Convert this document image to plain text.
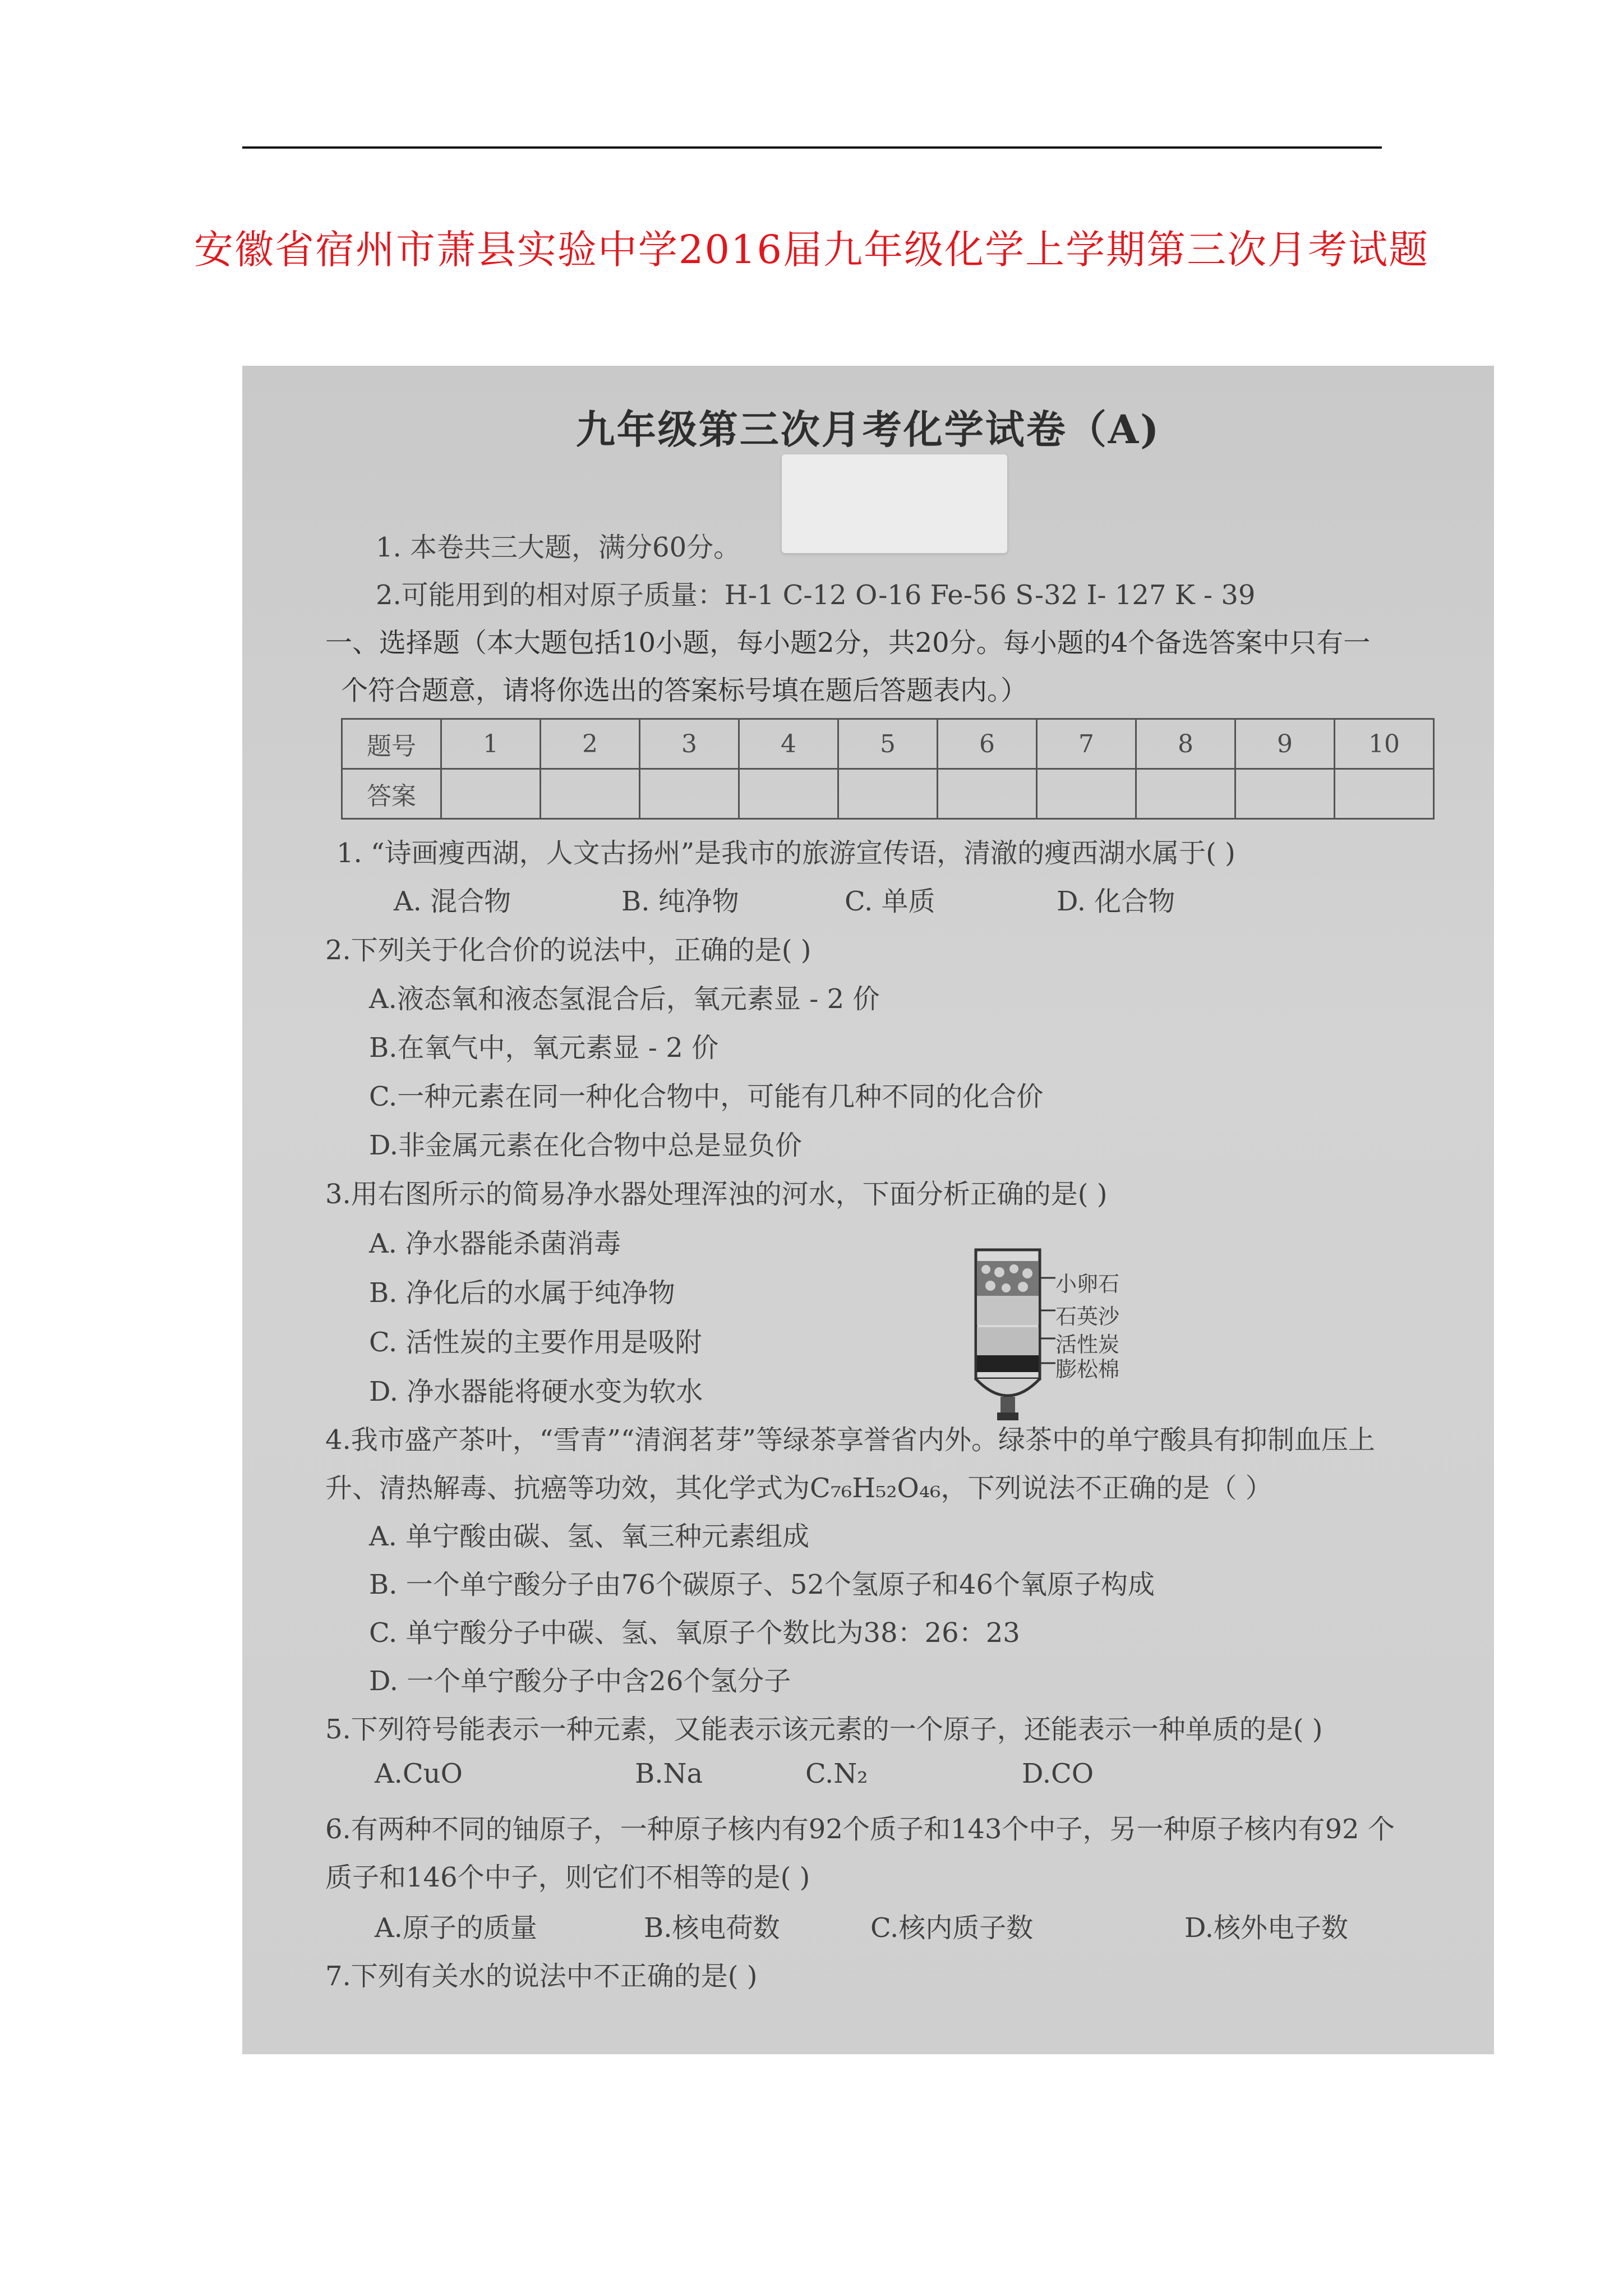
安徽省宿州市萧县实验中学2016届九年级化学上学期第三次月考试题
九年级第三次月考化学试卷（A)
1. 本卷共三大题，满分60分。
2.可能用到的相对原子质量：H-1 C-12 O-16 Fe-56 S-32 I- 127 K - 39
一、选择题（本大题包括10小题，每小题2分，共20分。每小题的4个备选答案中只有一
个符合题意，请将你选出的答案标号填在题后答题表内。）
题号	1	2	3	4	5	6	7	8	9	10
答案										
1. “诗画瘦西湖，人文古扬州”是我市的旅游宣传语，清澈的瘦西湖水属于( )
A. 混合物	B. 纯净物	C. 单质	D. 化合物
2.下列关于化合价的说法中，正确的是( )
A.液态氧和液态氢混合后，氧元素显 - 2 价
B.在氧气中，氧元素显 - 2 价
C.一种元素在同一种化合物中，可能有几种不同的化合价
D.非金属元素在化合物中总是显负价
3.用右图所示的简易净水器处理浑浊的河水，下面分析正确的是( )
A. 净水器能杀菌消毒
B. 净化后的水属于纯净物
C. 活性炭的主要作用是吸附
D. 净水器能将硬水变为软水
小卵石
石英沙
活性炭
膨松棉
4.我市盛产茶叶，“雪青”“清润茗芽”等绿茶享誉省内外。绿茶中的单宁酸具有抑制血压上
升、清热解毒、抗癌等功效，其化学式为C₇₆H₅₂O₄₆，下列说法不正确的是（ ）
A. 单宁酸由碳、氢、氧三种元素组成
B. 一个单宁酸分子由76个碳原子、52个氢原子和46个氧原子构成
C. 单宁酸分子中碳、氢、氧原子个数比为38：26：23
D. 一个单宁酸分子中含26个氢分子
5.下列符号能表示一种元素，又能表示该元素的一个原子，还能表示一种单质的是( )
A.CuO	B.Na	C.N₂	D.CO
6.有两种不同的铀原子，一种原子核内有92个质子和143个中子，另一种原子核内有92 个
质子和146个中子，则它们不相等的是( )
A.原子的质量	B.核电荷数	C.核内质子数	D.核外电子数
7.下列有关水的说法中不正确的是( )
